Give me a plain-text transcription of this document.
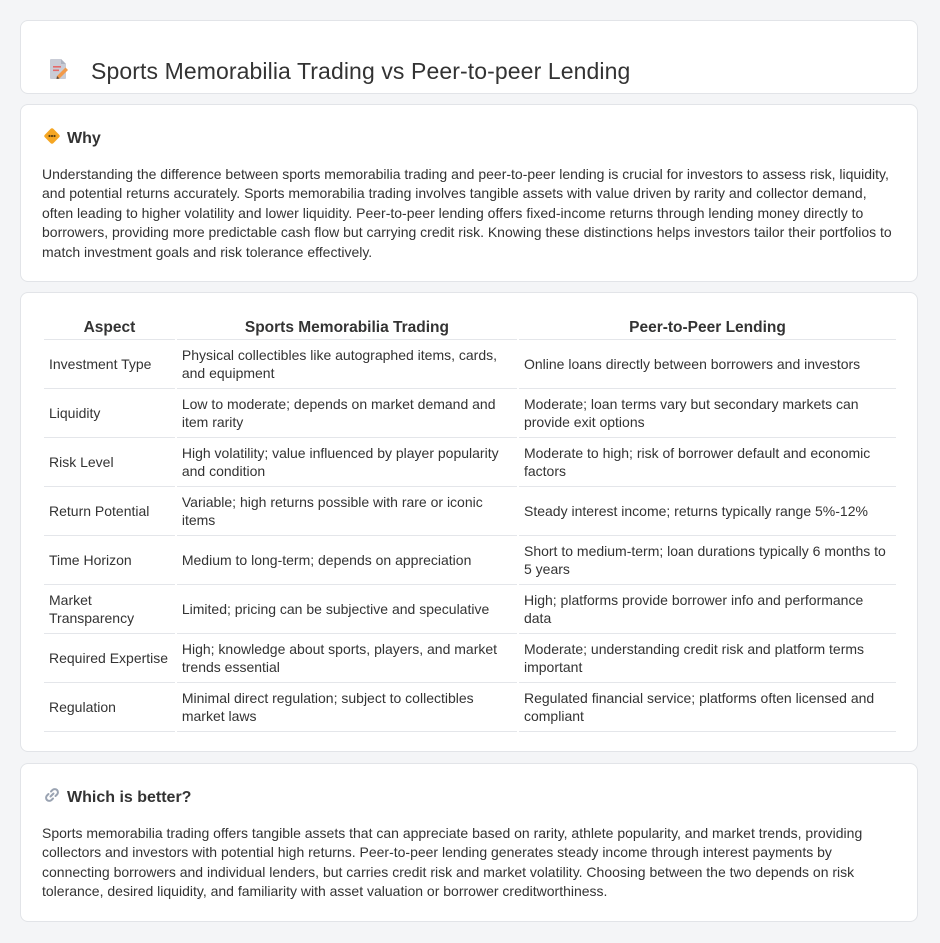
Sports Memorabilia Trading vs Peer-to-peer Lending
Why

Understanding the difference between sports memorabilia trading and peer-to-peer lending is crucial for investors to assess risk, liquidity, and potential returns accurately. Sports memorabilia trading involves tangible assets with value driven by rarity and collector demand, often leading to higher volatility and lower liquidity. Peer-to-peer lending offers fixed-income returns through lending money directly to borrowers, providing more predictable cash flow but carrying credit risk. Knowing these distinctions helps investors tailor their portfolios to match investment goals and risk tolerance effectively.

Aspect	Sports Memorabilia Trading	Peer-to-Peer Lending
Investment Type	Physical collectibles like autographed items, cards, and equipment	Online loans directly between borrowers and investors
Liquidity	Low to moderate; depends on market demand and item rarity	Moderate; loan terms vary but secondary markets can provide exit options
Risk Level	High volatility; value influenced by player popularity and condition	Moderate to high; risk of borrower default and economic factors
Return Potential	Variable; high returns possible with rare or iconic items	Steady interest income; returns typically range 5%-12%
Time Horizon	Medium to long-term; depends on appreciation	Short to medium-term; loan durations typically 6 months to 5 years
Market Transparency	Limited; pricing can be subjective and speculative	High; platforms provide borrower info and performance data
Required Expertise	High; knowledge about sports, players, and market trends essential	Moderate; understanding credit risk and platform terms important
Regulation	Minimal direct regulation; subject to collectibles market laws	Regulated financial service; platforms often licensed and compliant
Which is better?

Sports memorabilia trading offers tangible assets that can appreciate based on rarity, athlete popularity, and market trends, providing collectors and investors with potential high returns. Peer-to-peer lending generates steady income through interest payments by connecting borrowers and individual lenders, but carries credit risk and market volatility. Choosing between the two depends on risk tolerance, desired liquidity, and familiarity with asset valuation or borrower creditworthiness.
